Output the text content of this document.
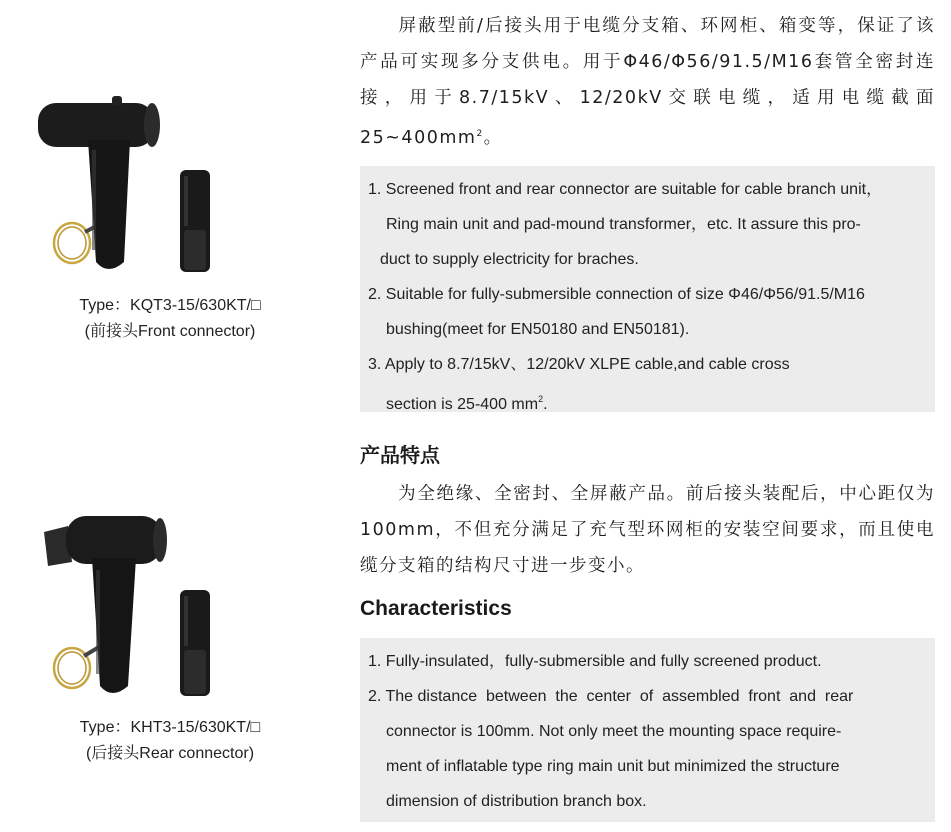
Type：KQT3-15/630KT/□
(前接头Front connector)
Type：KHT3-15/630KT/□
(后接头Rear connector)

屏蔽型前/后接头用于电缆分支箱、环网柜、箱变等，保证了该产品可实现多分支供电。用于Φ46/Φ56/91.5/M16套管全密封连接，用于8.7/15kV、12/20kV交联电缆，适用电缆截面$25\sim 400mm^2$。

1. Screened front and rear connector are suitable for cable branch unit，
Ring main unit and pad-mound transformer，etc. It assure this pro-
duct to supply electricity for braches.

2. Suitable for fully-submersible connection of size Φ46/Φ56/91.5/M16
bushing(meet for EN50180 and EN50181).

3. Apply to 8.7/15kV、12/20kV XLPE cable,and cable cross
section is 25-400 $mm^2$.

产品特点

为全绝缘、全密封、全屏蔽产品。前后接头装配后，中心距仅为100mm，不但充分满足了充气型环网柜的安装空间要求，而且使电缆分支箱的结构尺寸进一步变小。

Characteristics

1. Fully-insulated，fully-submersible and fully screened product.

2. The distance  between  the  center  of  assembled  front  and  rear
connector is 100mm. Not only meet the mounting space require-
ment of inflatable type ring main unit but minimized the structure
dimension of distribution branch box.
